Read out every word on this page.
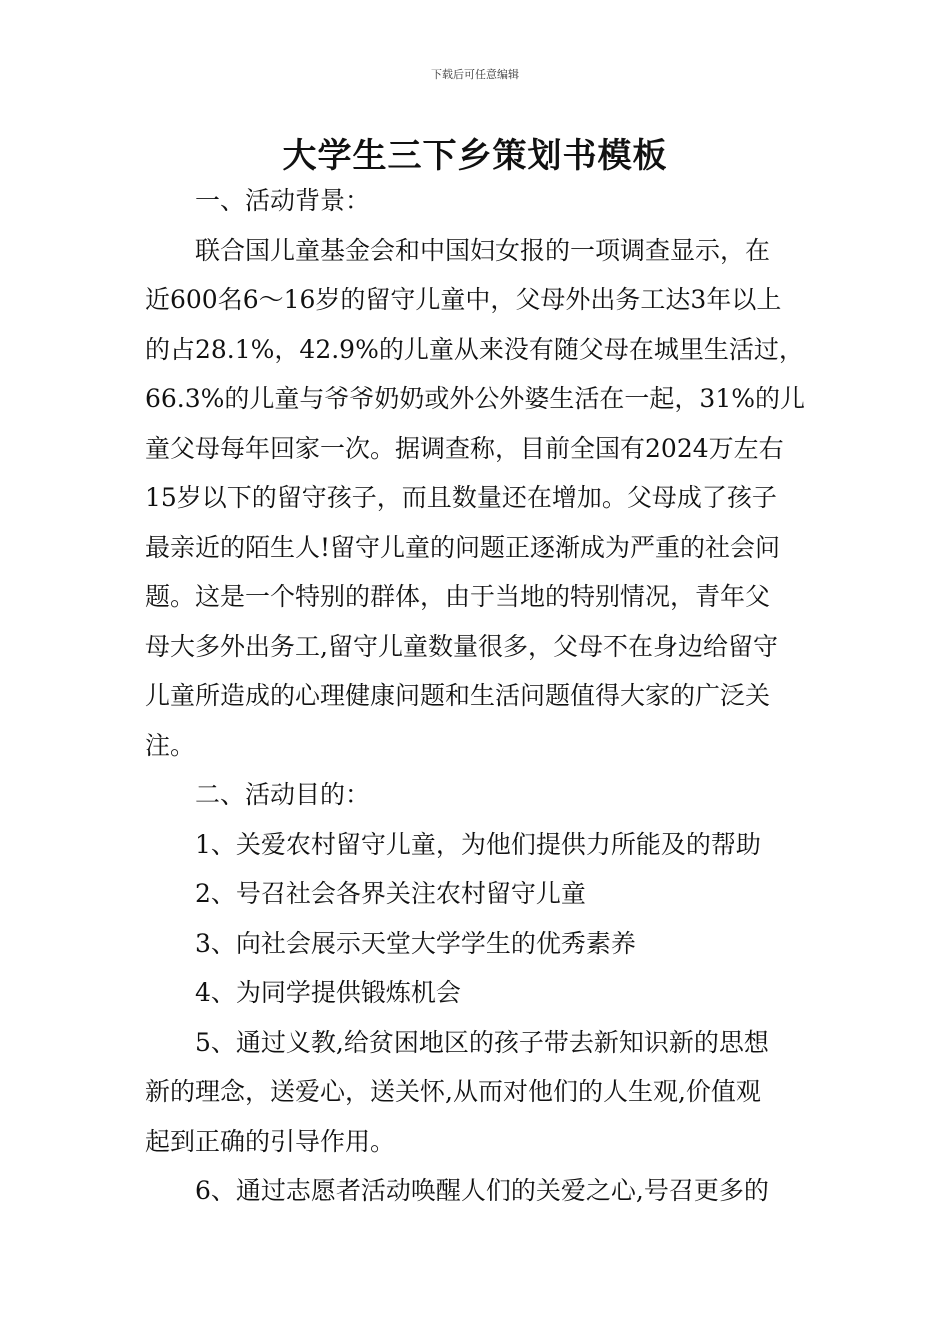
下载后可任意编辑
大学生三下乡策划书模板
一、活动背景：
联合国儿童基金会和中国妇女报的一项调查显示，在
近600名6～16岁的留守儿童中，父母外出务工达3年以上
的占28.1%，42.9%的儿童从来没有随父母在城里生活过，
66.3%的儿童与爷爷奶奶或外公外婆生活在一起，31%的儿
童父母每年回家一次。据调查称，目前全国有2024万左右
15岁以下的留守孩子，而且数量还在增加。父母成了孩子
最亲近的陌生人!留守儿童的问题正逐渐成为严重的社会问
题。这是一个特别的群体，由于当地的特别情况，青年父
母大多外出务工,留守儿童数量很多，父母不在身边给留守
儿童所造成的心理健康问题和生活问题值得大家的广泛关
注。
二、活动目的：
1、关爱农村留守儿童，为他们提供力所能及的帮助
2、号召社会各界关注农村留守儿童
3、向社会展示天堂大学学生的优秀素养
4、为同学提供锻炼机会
5、通过义教,给贫困地区的孩子带去新知识新的思想
新的理念，送爱心，送关怀,从而对他们的人生观,价值观
起到正确的引导作用。
6、通过志愿者活动唤醒人们的关爱之心,号召更多的
